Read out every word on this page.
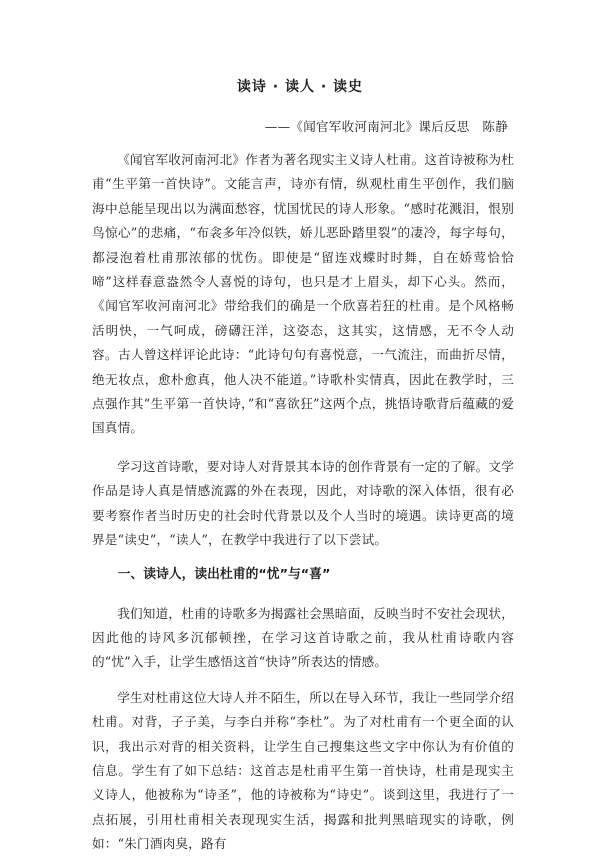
读诗 · 读人 · 读史
——《闻官军收河南河北》课后反思　陈静

《闻官军收河南河北》作者为著名现实主义诗人杜甫。这首诗被称为杜甫“生平第一首快诗”。文能言声，诗亦有情，纵观杜甫生平创作，我们脑海中总能呈现出以为满面愁容，忧国忧民的诗人形象。“感时花溅泪，恨别鸟惊心”的悲痛，“布衾多年冷似铁，娇儿恶卧踏里裂”的凄冷，每字每句，都浸泡着杜甫那浓郁的忧伤。即使是“留连戏蝶时时舞，自在娇莺恰恰啼”这样春意盎然令人喜悦的诗句，也只是才上眉头，却下心头。然而，《闻官军收河南河北》带给我们的确是一个欣喜若狂的杜甫。是个风格畅活明快，一气呵成，磅礴汪洋，这姿态，这其实，这情感，无不令人动容。古人曾这样评论此诗：“此诗句句有喜悦意，一气流注，而曲折尽情，绝无妆点，愈朴愈真，他人决不能道。”诗歌朴实情真，因此在教学时，三点强作其“生平第一首快诗，”和“喜欲狂”这两个点，挑悟诗歌背后蕴藏的爱国真情。

学习这首诗歌，要对诗人对背景其本诗的创作背景有一定的了解。文学作品是诗人真是情感流露的外在表现，因此，对诗歌的深入体悟，很有必要考察作者当时历史的社会时代背景以及个人当时的境遇。读诗更高的境界是“读史”，“读人”，在教学中我进行了以下尝试。

一、读诗人，读出杜甫的“忧”与“喜”

我们知道，杜甫的诗歌多为揭露社会黑暗面，反映当时不安社会现状，因此他的诗风多沉郁顿挫，在学习这首诗歌之前，我从杜甫诗歌内容的“忧”入手，让学生感悟这首“快诗”所表达的情感。

学生对杜甫这位大诗人并不陌生，所以在导入环节，我让一些同学介绍杜甫。对背，子子美，与李白并称“李杜”。为了对杜甫有一个更全面的认识，我出示对背的相关资料，让学生自己搜集这些文字中你认为有价值的信息。学生有了如下总结：这首志是杜甫平生第一首快诗，杜甫是现实主义诗人，他被称为“诗圣”，他的诗被称为“诗史”。谈到这里，我进行了一点拓展，引用杜甫相关表现现实生活，揭露和批判黑暗现实的诗歌，例如：“朱门酒肉臭，路有
